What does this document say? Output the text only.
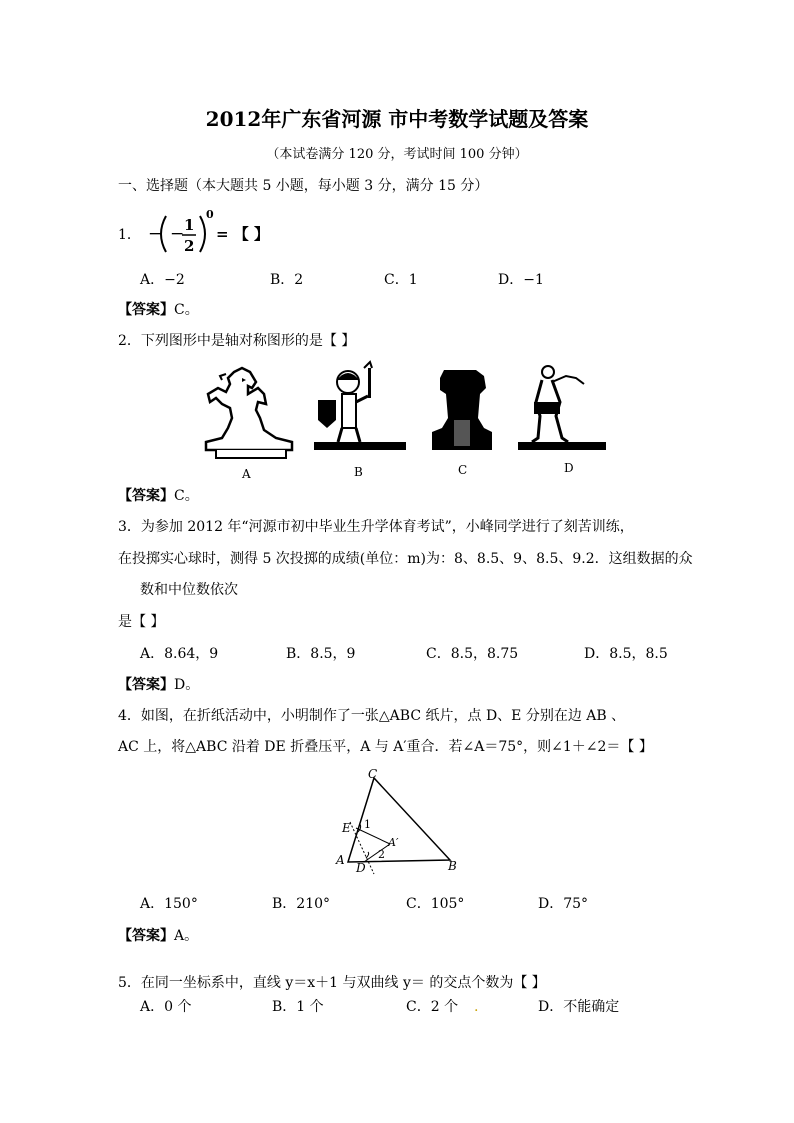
2012年广东省河源 市中考数学试题及答案
（本试卷满分 120 分，考试时间 100 分钟）
一、选择题（本大题共 5 小题，每小题 3 分，满分 15 分）
1． − − 1
2
0
= 【 】
A．−2	B．2	C．1	D．−1
【答案】C。
2．下列图形中是轴对称图形的是【 】
A	B	C	D
【答案】C。
3．为参加 2012 年“河源市初中毕业生升学体育考试”，小峰同学进行了刻苦训练，
在投掷实心球时，测得 5 次投掷的成绩(单位：m)为：8、8.5、9、8.5、9.2．这组数据的众
数和中位数依次
是【 】
A．8.64，9	B．8.5，9	C．8.5，8.75	D．8.5，8.5
【答案】D。
4．如图，在折纸活动中，小明制作了一张△ABC 纸片，点 D、E 分别在边 AB 、
AC 上，将△ABC 沿着 DE 折叠压平，A 与 A′重合．若∠A＝75°，则∠1＋∠2＝【 】
C
E 1
A′
2
A
D	B
A．150°	B．210°	C．105°	D．75°
【答案】A。
5．在同一坐标系中，直线 y＝x＋1 与双曲线 y＝ 的交点个数为【 】
A．0 个	B．1 个	C．2 个 .	D．不能确定
